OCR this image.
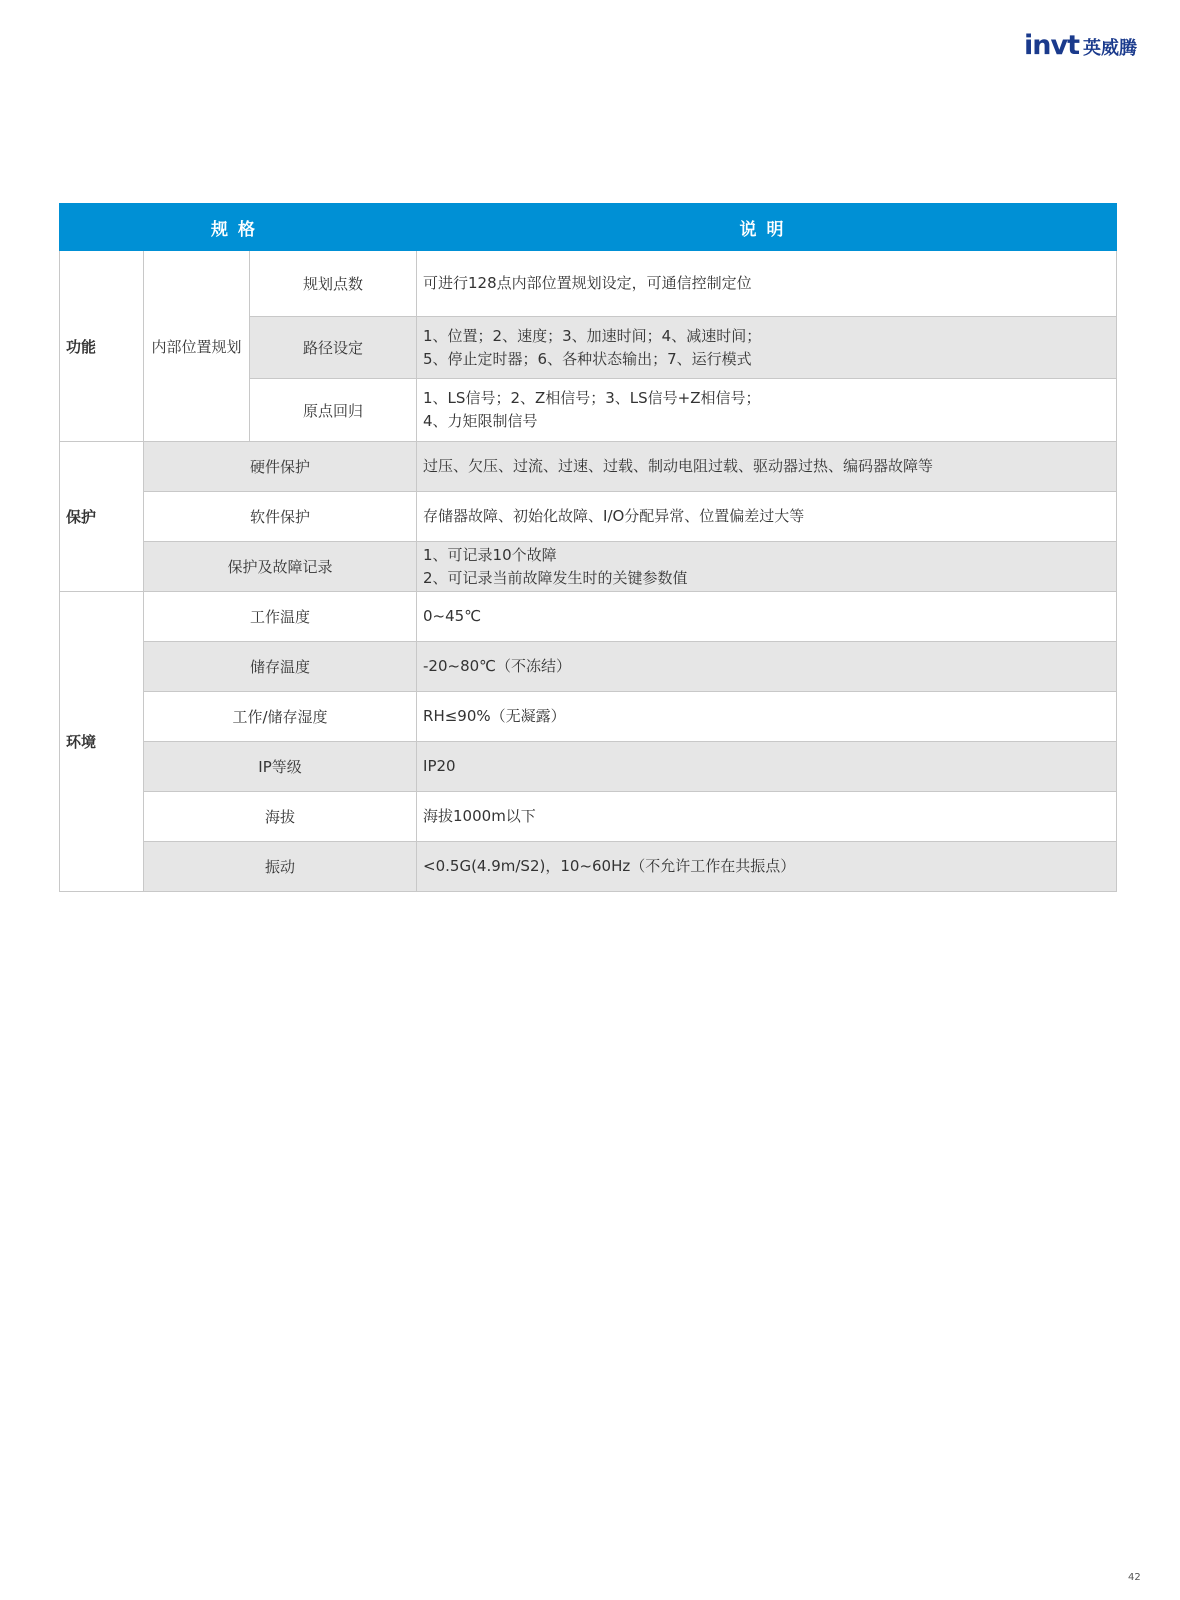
invt 英威腾
规格			说明
功能	内部位置规划	规划点数	可进行128点内部位置规划设定，可通信控制定位
		路径设定	1、位置；2、速度；3、加速时间；4、减速时间；
5、停止定时器；6、各种状态输出；7、运行模式
		原点回归	1、LS信号；2、Z相信号；3、LS信号+Z相信号；
4、力矩限制信号
保护	硬件保护		过压、欠压、过流、过速、过载、制动电阻过载、驱动器过热、编码器故障等
	软件保护		存储器故障、初始化故障、I/O分配异常、位置偏差过大等
	保护及故障记录		1、可记录10个故障
2、可记录当前故障发生时的关键参数值
环境	工作温度		0~45℃
	储存温度		-20~80℃（不冻结）
	工作/储存湿度		RH≤90%（无凝露）
	IP等级		IP20
	海拔		海拔1000m以下
	振动		<0.5G(4.9m/S2)，10~60Hz（不允许工作在共振点）
42
